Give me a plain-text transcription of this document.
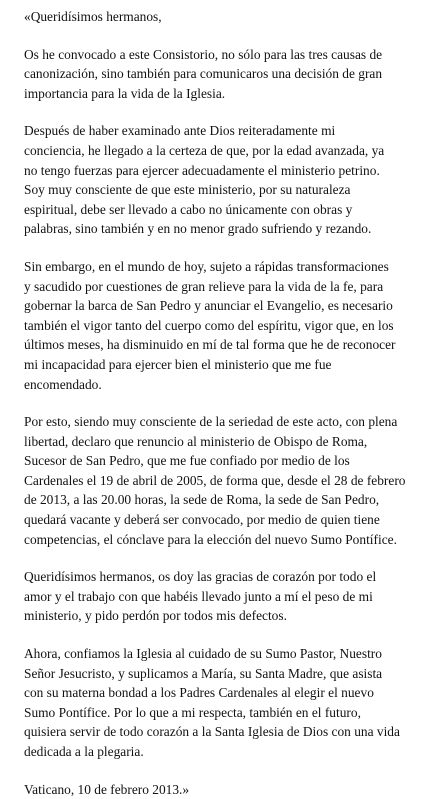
«Queridísimos hermanos,
Os he convocado a este Consistorio, no sólo para las tres causas de
canonización, sino también para comunicaros una decisión de gran
importancia para la vida de la Iglesia.
Después de haber examinado ante Dios reiteradamente mi
conciencia, he llegado a la certeza de que, por la edad avanzada, ya
no tengo fuerzas para ejercer adecuadamente el ministerio petrino.
Soy muy consciente de que este ministerio, por su naturaleza
espiritual, debe ser llevado a cabo no únicamente con obras y
palabras, sino también y en no menor grado sufriendo y rezando.
Sin embargo, en el mundo de hoy, sujeto a rápidas transformaciones
y sacudido por cuestiones de gran relieve para la vida de la fe, para
gobernar la barca de San Pedro y anunciar el Evangelio, es necesario
también el vigor tanto del cuerpo como del espíritu, vigor que, en los
últimos meses, ha disminuido en mí de tal forma que he de reconocer
mi incapacidad para ejercer bien el ministerio que me fue
encomendado.
Por esto, siendo muy consciente de la seriedad de este acto, con plena
libertad, declaro que renuncio al ministerio de Obispo de Roma,
Sucesor de San Pedro, que me fue confiado por medio de los
Cardenales el 19 de abril de 2005, de forma que, desde el 28 de febrero
de 2013, a las 20.00 horas, la sede de Roma, la sede de San Pedro,
quedará vacante y deberá ser convocado, por medio de quien tiene
competencias, el cónclave para la elección del nuevo Sumo Pontífice.
Queridísimos hermanos, os doy las gracias de corazón por todo el
amor y el trabajo con que habéis llevado junto a mí el peso de mi
ministerio, y pido perdón por todos mis defectos.
Ahora, confiamos la Iglesia al cuidado de su Sumo Pastor, Nuestro
Señor Jesucristo, y suplicamos a María, su Santa Madre, que asista
con su materna bondad a los Padres Cardenales al elegir el nuevo
Sumo Pontífice. Por lo que a mi respecta, también en el futuro,
quisiera servir de todo corazón a la Santa Iglesia de Dios con una vida
dedicada a la plegaria.
Vaticano, 10 de febrero 2013.»
